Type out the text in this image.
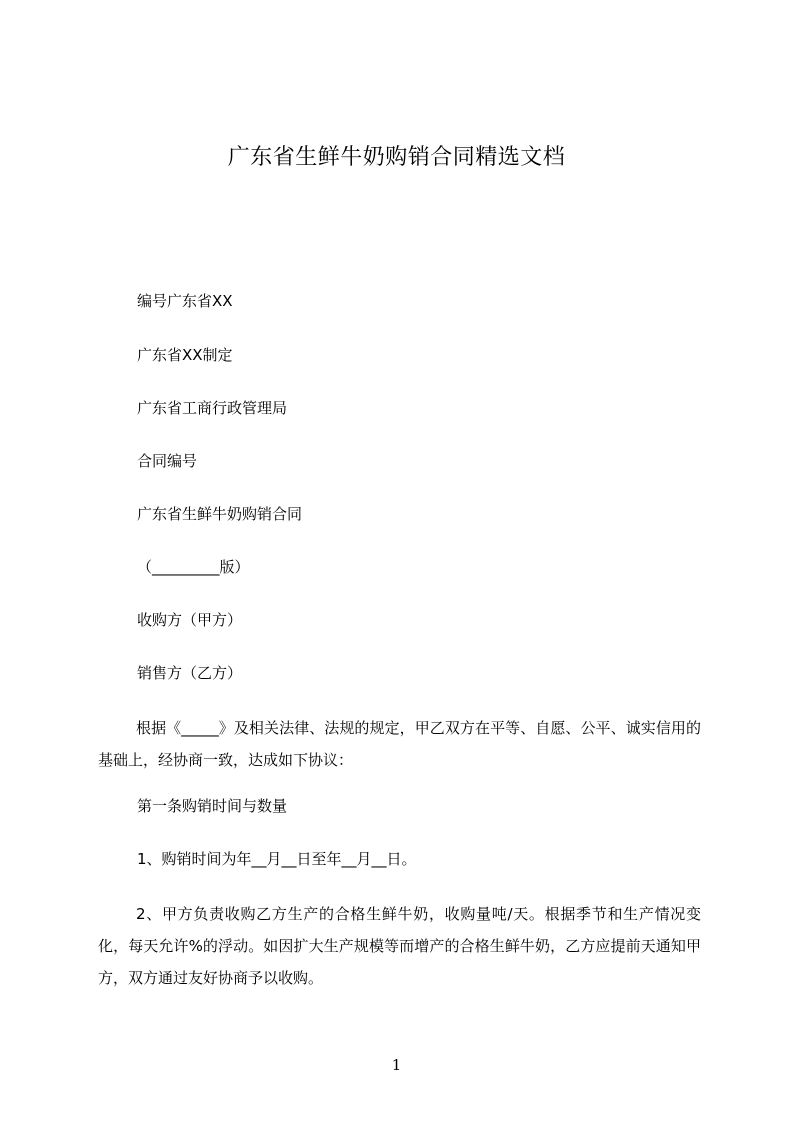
广东省生鲜牛奶购销合同精选文档
编号广东省XX
广东省XX制定
广东省工商行政管理局
合同编号
广东省生鲜牛奶购销合同
（_________版）
收购方（甲方）
销售方（乙方）
根据《_____》及相关法律、法规的规定，甲乙双方在平等、自愿、公平、诚实信用的基础上，经协商一致，达成如下协议：
第一条购销时间与数量
1、购销时间为年__月__日至年__月__日。
2、甲方负责收购乙方生产的合格生鲜牛奶，收购量吨/天。根据季节和生产情况变化，每天允许%的浮动。如因扩大生产规模等而增产的合格生鲜牛奶，乙方应提前天通知甲方，双方通过友好协商予以收购。
1
